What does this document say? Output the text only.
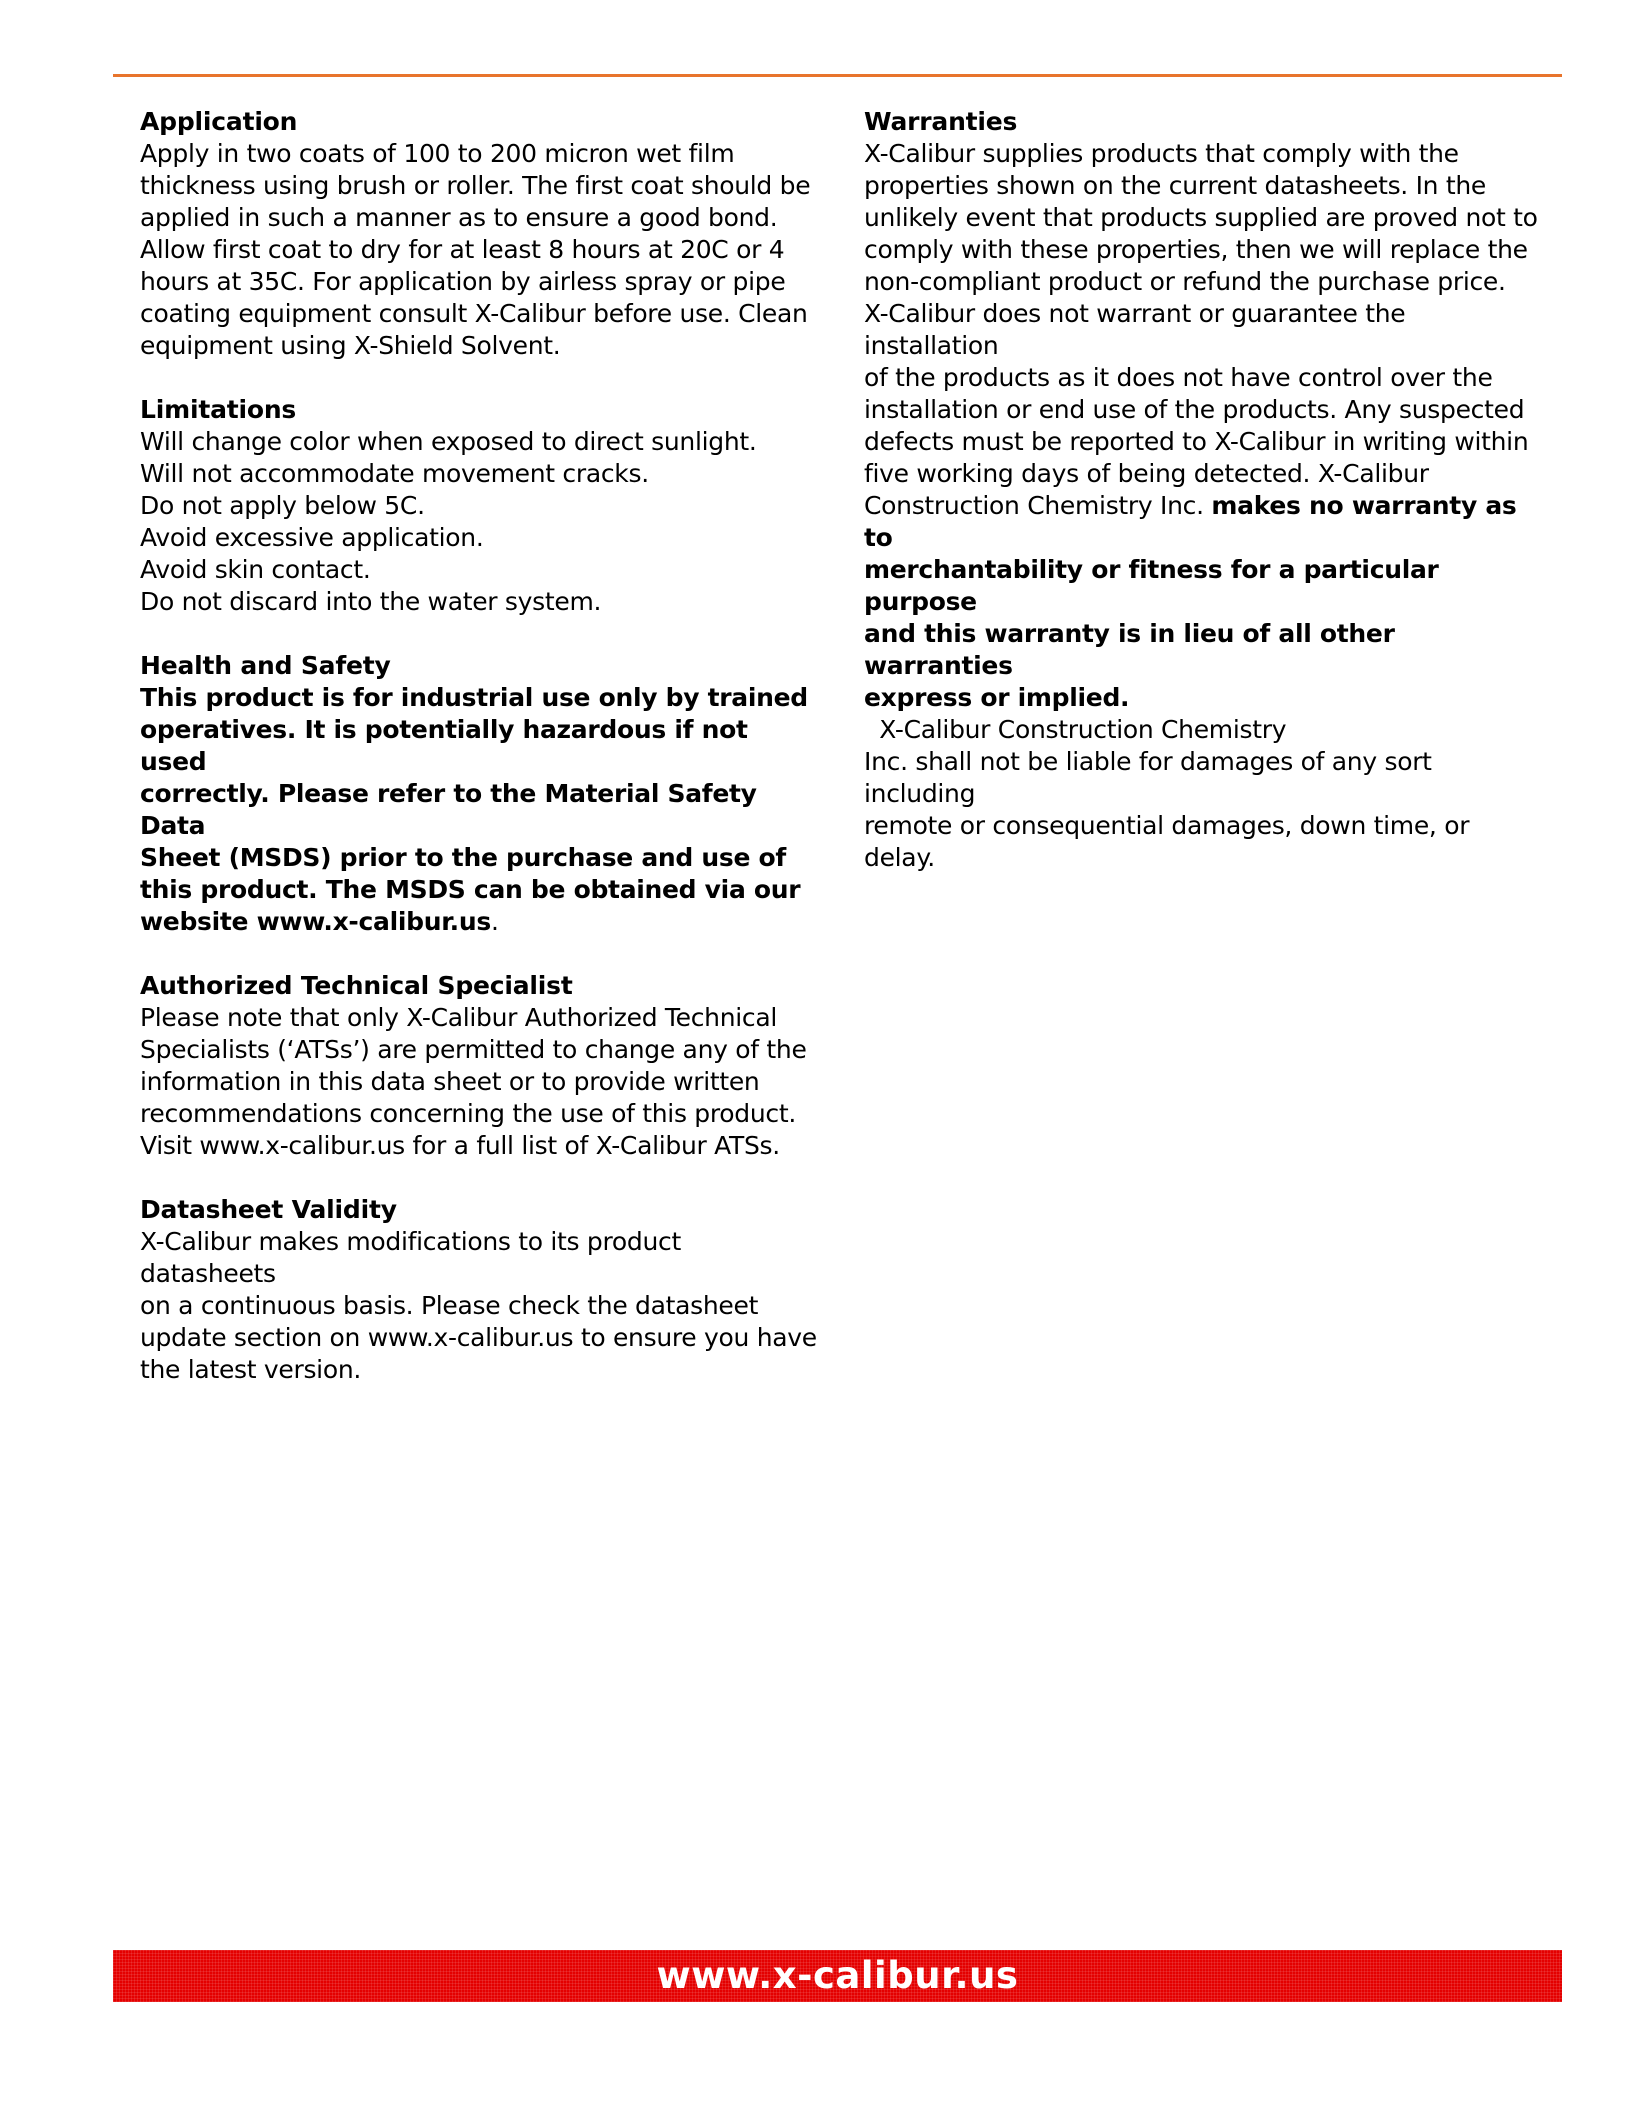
Application

Apply in two coats of 100 to 200 micron wet film
thickness using brush or roller. The first coat should be
applied in such a manner as to ensure a good bond.
Allow first coat to dry for at least 8 hours at 20C or 4
hours at 35C. For application by airless spray or pipe
coating equipment consult X-Calibur before use. Clean
equipment using X-Shield Solvent.

Limitations

Will change color when exposed to direct sunlight.
Will not accommodate movement cracks.
Do not apply below 5C.
Avoid excessive application.
Avoid skin contact.
Do not discard into the water system.

Health and Safety

This product is for industrial use only by trained
operatives. It is potentially hazardous if not used
correctly. Please refer to the Material Safety Data
Sheet (MSDS) prior to the purchase and use of
this product. The MSDS can be obtained via our
website www.x-calibur.us.

Authorized Technical Specialist

Please note that only X-Calibur Authorized Technical
Specialists (‘ATSs’) are permitted to change any of the
information in this data sheet or to provide written
recommendations concerning the use of this product.
Visit www.x-calibur.us for a full list of X-Calibur ATSs.

Datasheet Validity

X-Calibur makes modifications to its product datasheets
on a continuous basis. Please check the datasheet
update section on www.x-calibur.us to ensure you have
the latest version.

Warranties

X-Calibur supplies products that comply with the
properties shown on the current datasheets. In the
unlikely event that products supplied are proved not to
comply with these properties, then we will replace the
non-compliant product or refund the purchase price.
X-Calibur does not warrant or guarantee the installation
of the products as it does not have control over the
installation or end use of the products. Any suspected
defects must be reported to X-Calibur in writing within
five working days of being detected. X-Calibur
Construction Chemistry Inc. makes no warranty as to
merchantability or fitness for a particular purpose
and this warranty is in lieu of all other warranties
express or implied.  X-Calibur Construction Chemistry
Inc. shall not be liable for damages of any sort including
remote or consequential damages, down time, or delay.

www.x-calibur.us
